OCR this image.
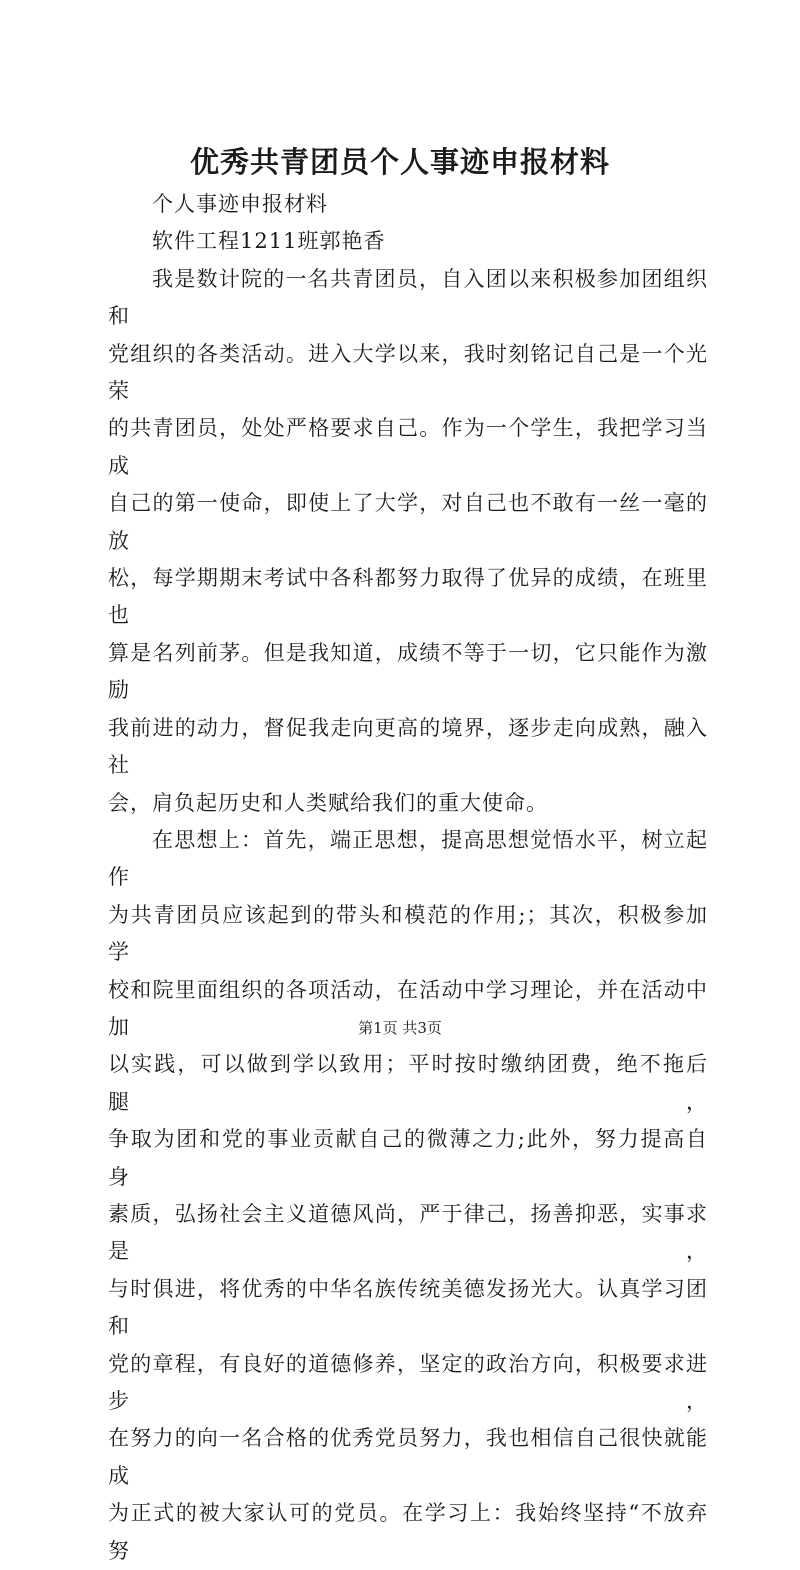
优秀共青团员个人事迹申报材料

个人事迹申报材料

软件工程1211班郭艳香

我是数计院的一名共青团员，自入团以来积极参加团组织和

党组织的各类活动。进入大学以来，我时刻铭记自己是一个光荣

的共青团员，处处严格要求自己。作为一个学生，我把学习当成

自己的第一使命，即使上了大学，对自己也不敢有一丝一毫的放

松，每学期期末考试中各科都努力取得了优异的成绩，在班里也

算是名列前茅。但是我知道，成绩不等于一切，它只能作为激励

我前进的动力，督促我走向更高的境界，逐步走向成熟，融入社

会，肩负起历史和人类赋给我们的重大使命。

在思想上：首先，端正思想，提高思想觉悟水平，树立起作

为共青团员应该起到的带头和模范的作用;；其次，积极参加学

校和院里面组织的各项活动，在活动中学习理论，并在活动中加

以实践，可以做到学以致用；平时按时缴纳团费，绝不拖后腿，

争取为团和党的事业贡献自己的微薄之力;此外，努力提高自身

素质，弘扬社会主义道德风尚，严于律己，扬善抑恶，实事求是，

与时俱进，将优秀的中华名族传统美德发扬光大。认真学习团和

党的章程，有良好的道德修养，坚定的政治方向，积极要求进步，

在努力的向一名合格的优秀党员努力，我也相信自己很快就能成

为正式的被大家认可的党员。在学习上：我始终坚持“不放弃努

第1页 共3页
